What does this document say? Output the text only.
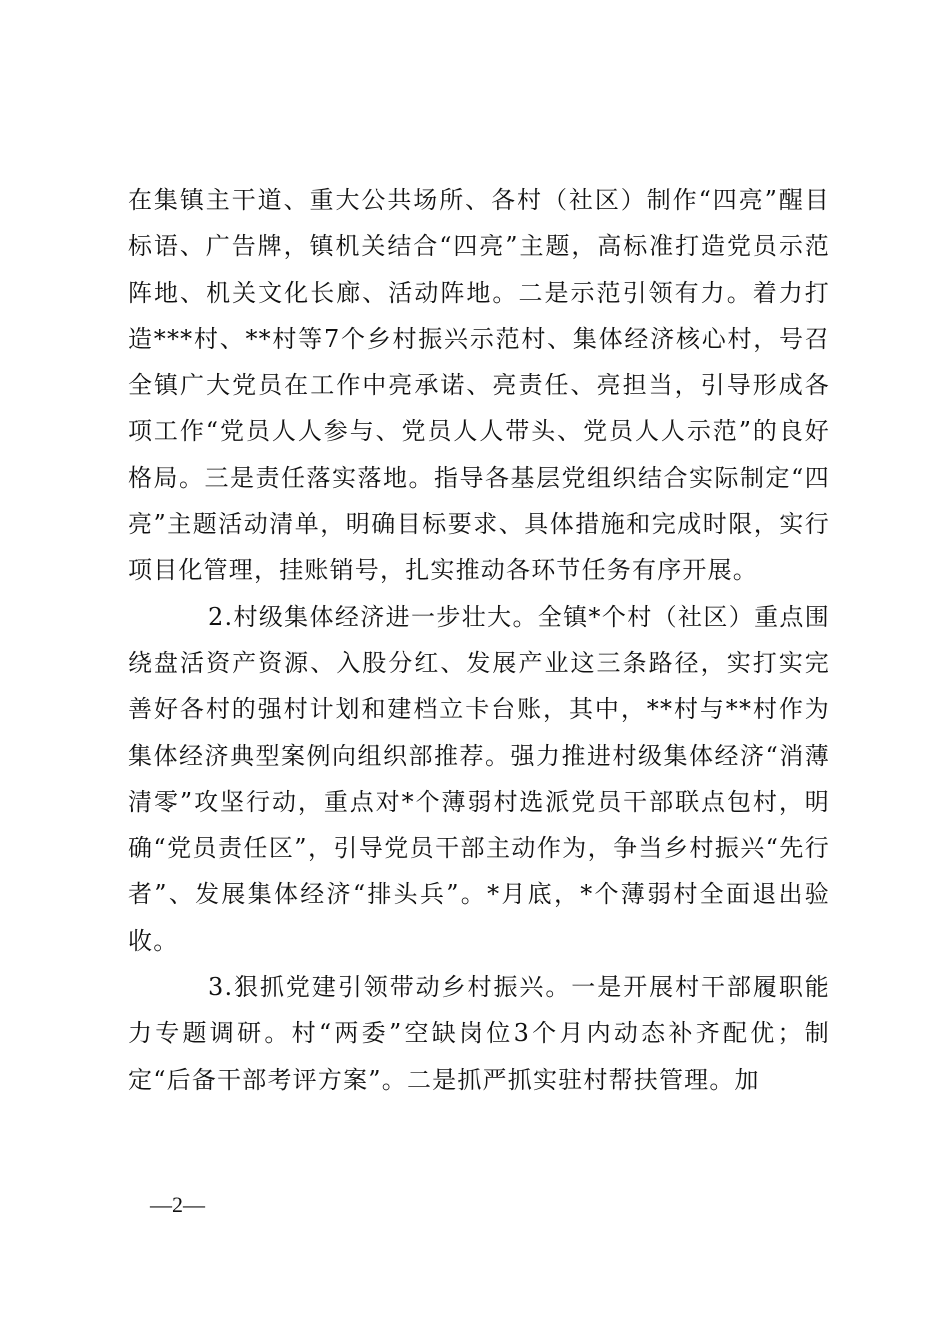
在集镇主干道、重大公共场所、各村（社区）制作“四亮”醒目标语、广告牌，镇机关结合“四亮”主题，高标准打造党员示范阵地、机关文化长廊、活动阵地。二是示范引领有力。着力打造***村、**村等7个乡村振兴示范村、集体经济核心村，号召全镇广大党员在工作中亮承诺、亮责任、亮担当，引导形成各项工作“党员人人参与、党员人人带头、党员人人示范”的良好格局。三是责任落实落地。指导各基层党组织结合实际制定“四亮”主题活动清单，明确目标要求、具体措施和完成时限，实行项目化管理，挂账销号，扎实推动各环节任务有序开展。

2.村级集体经济进一步壮大。全镇*个村（社区）重点围绕盘活资产资源、入股分红、发展产业这三条路径，实打实完善好各村的强村计划和建档立卡台账，其中，**村与**村作为集体经济典型案例向组织部推荐。强力推进村级集体经济“消薄清零”攻坚行动，重点对*个薄弱村选派党员干部联点包村，明确“党员责任区”，引导党员干部主动作为，争当乡村振兴“先行者”、发展集体经济“排头兵”。*月底，*个薄弱村全面退出验收。

3.狠抓党建引领带动乡村振兴。一是开展村干部履职能力专题调研。村“两委”空缺岗位3个月内动态补齐配优；制定“后备干部考评方案”。二是抓严抓实驻村帮扶管理。加

—2—
